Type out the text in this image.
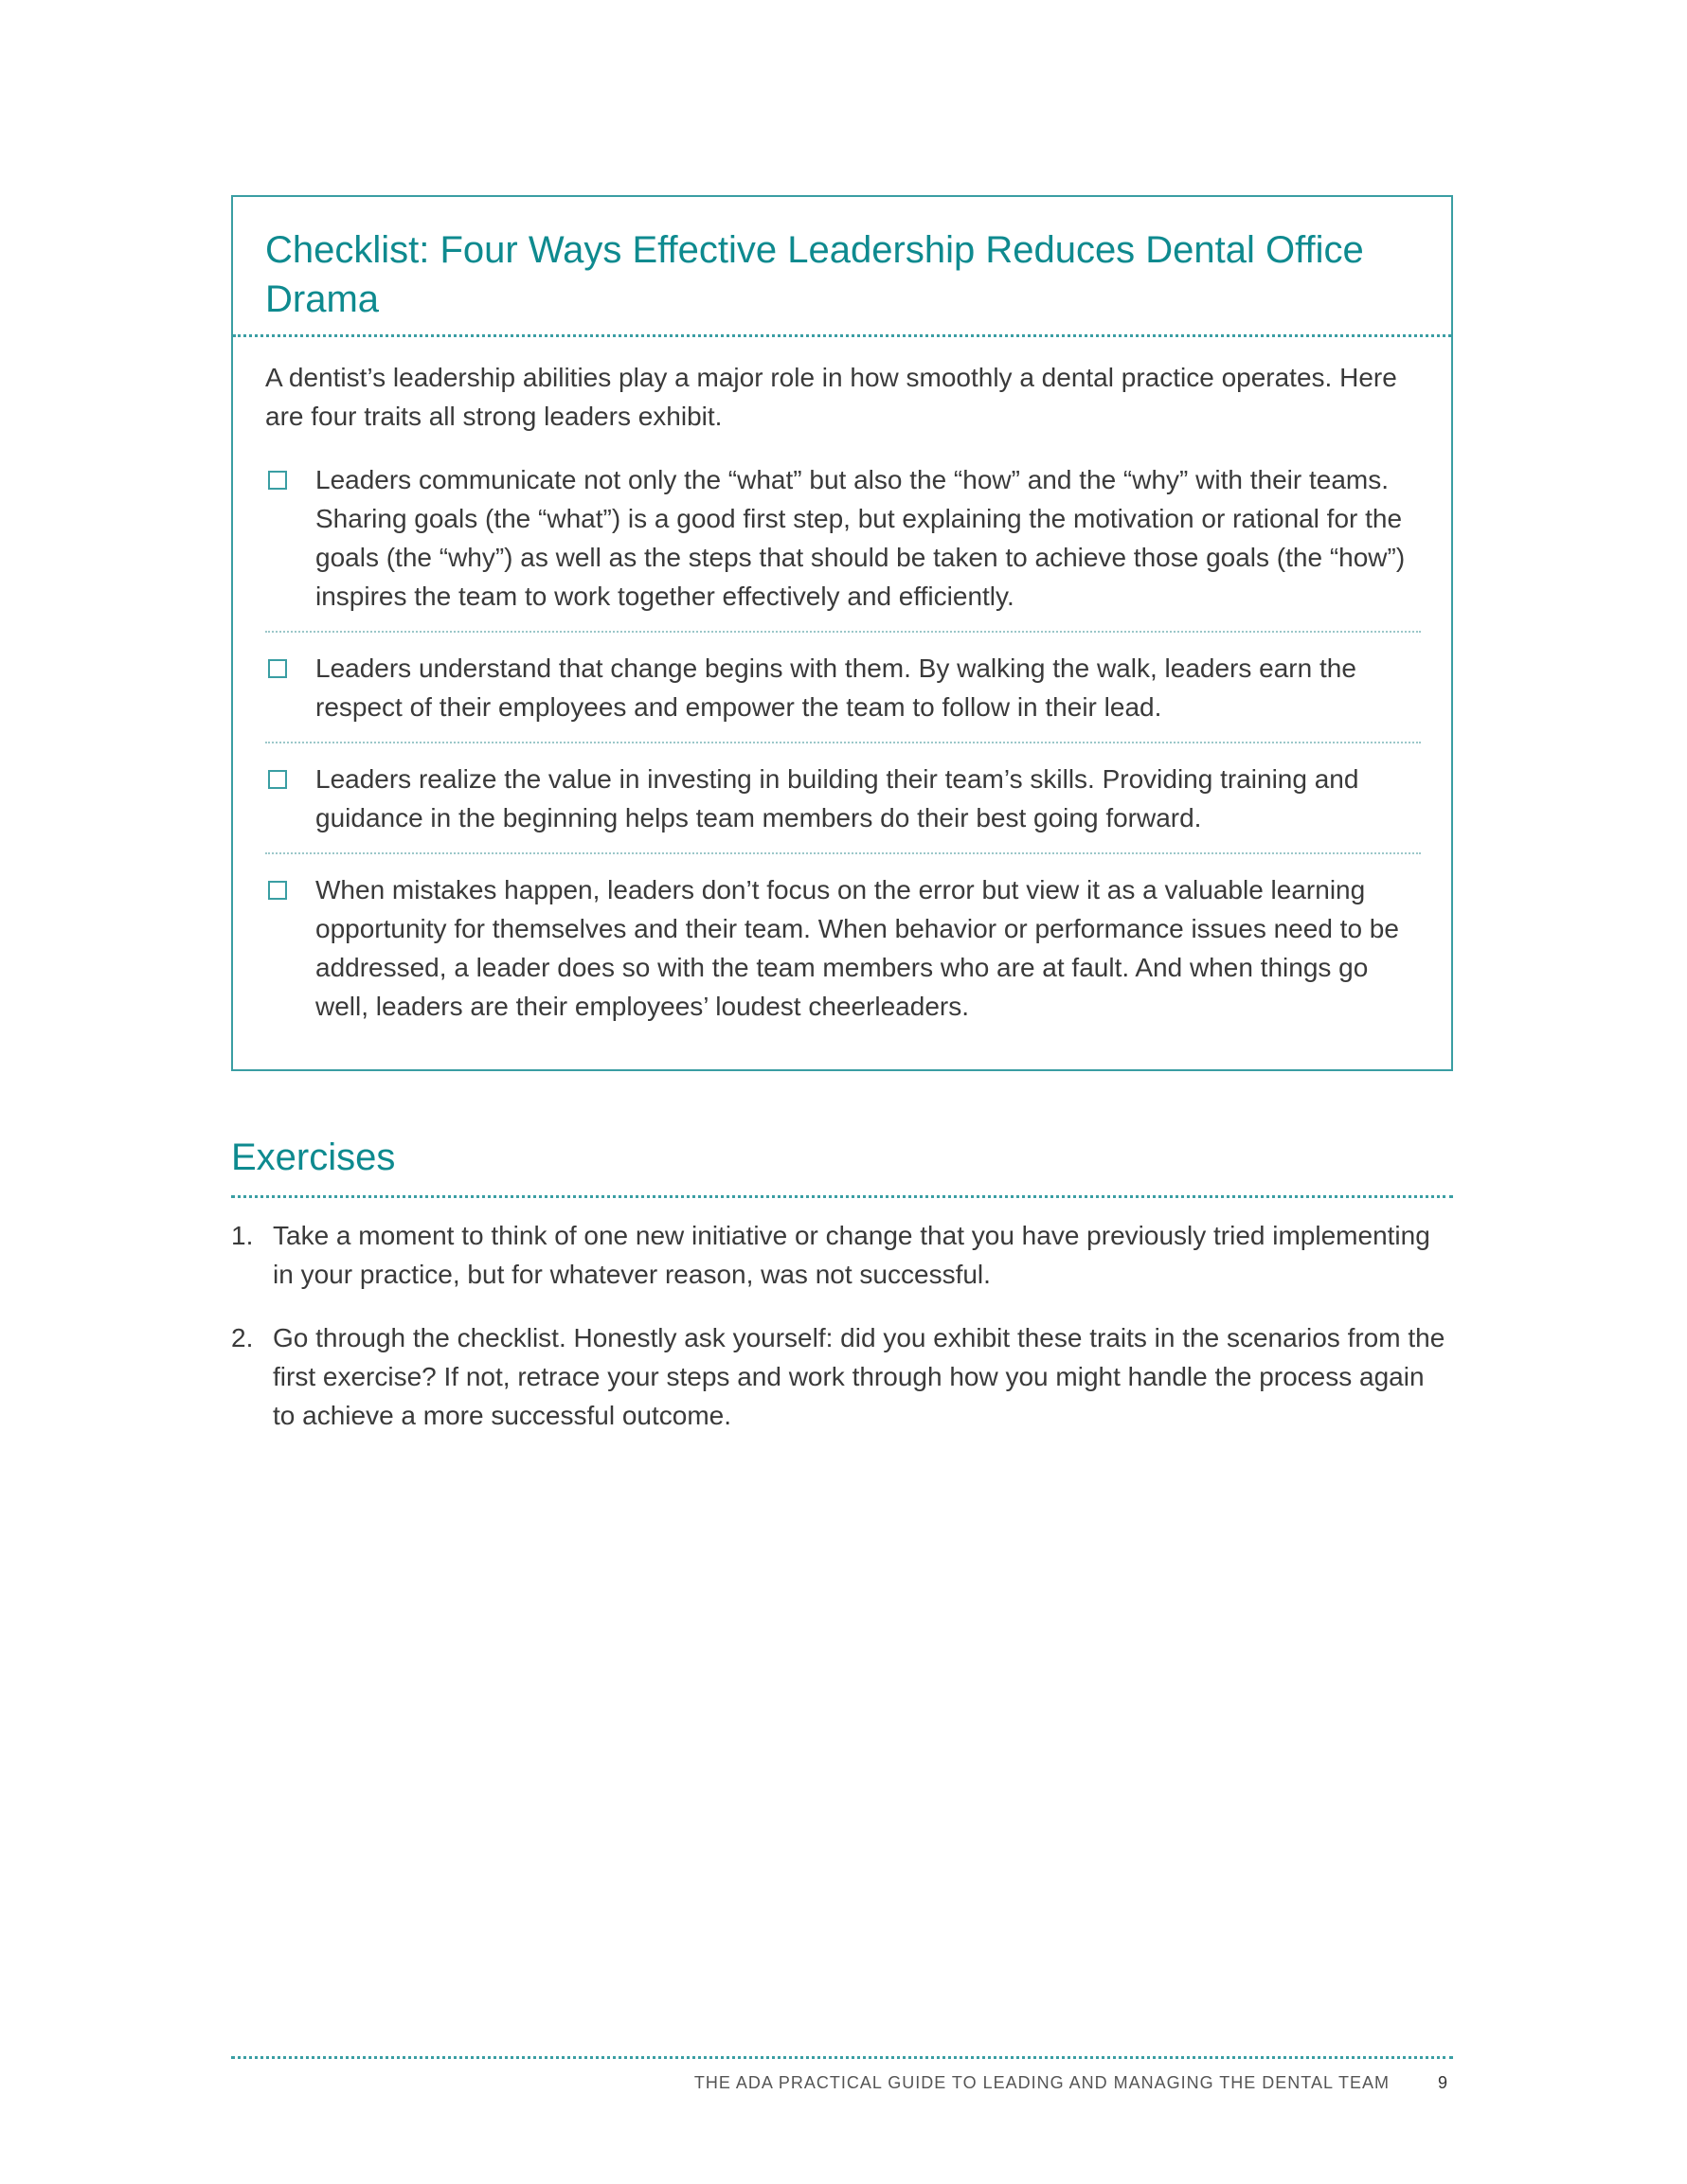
Checklist: Four Ways Effective Leadership Reduces Dental Office Drama

A dentist’s leadership abilities play a major role in how smoothly a dental practice operates. Here are four traits all strong leaders exhibit.

Leaders communicate not only the “what” but also the “how” and the “why” with their teams. Sharing goals (the “what”) is a good first step, but explaining the motivation or rational for the goals (the “why”) as well as the steps that should be taken to achieve those goals (the “how”) inspires the team to work together effectively and efficiently.
Leaders understand that change begins with them. By walking the walk, leaders earn the respect of their employees and empower the team to follow in their lead.
Leaders realize the value in investing in building their team’s skills. Providing training and guidance in the beginning helps team members do their best going forward.
When mistakes happen, leaders don’t focus on the error but view it as a valuable learning opportunity for themselves and their team. When behavior or performance issues need to be addressed, a leader does so with the team members who are at fault. And when things go well, leaders are their employees’ loudest cheerleaders.
Exercises
1. Take a moment to think of one new initiative or change that you have previously tried implementing in your practice, but for whatever reason, was not successful.
2. Go through the checklist. Honestly ask yourself: did you exhibit these traits in the scenarios from the first exercise? If not, retrace your steps and work through how you might handle the process again to achieve a more successful outcome.
THE ADA PRACTICAL GUIDE TO LEADING AND MANAGING THE DENTAL TEAM	9
